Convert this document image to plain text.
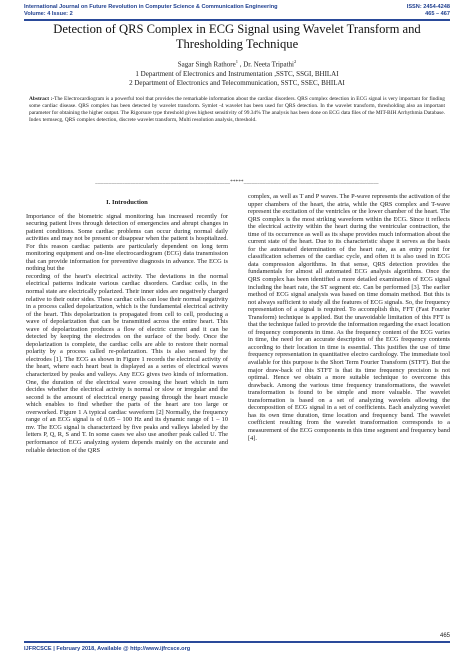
International Journal on Future Revolution in Computer Science & Communication Engineering	ISSN: 2454-4248
Volume: 4 Issue: 2	465 – 467
Detection of QRS Complex in ECG Signal using Wavelet Transform and Thresholding Technique
Sagar Singh Rathore$^1$ , Dr. Neeta Tripathi$^2$
1 Department of Electronics and Instrumentation ,SSTC, SSGI, BHILAI
2 Department of Electronics and Telecommunication, SSTC, SSEC, BHILAI
Abstract :-The Electrocardiogram is a powerful tool that provides the remarkable information about the cardiac disorders. QRS complex detection in ECG signal is very important for finding some cardiac disease. QRS complex has been detected by wavelet transform. Symlet -4 wavelet has been used for QRS detection. In the wavelet transform, thresholding also an important parameter for obtaining the higher output. The Rigorsure type threshold gives highest sensitivity of 99.34% The analysis has been done on ECG data files of the MIT-BIH Arrhythmia Database. Index termsecg, QRS complex detection, discrete wavelet transform, Multi resolution analysis, threshold.
__________________________________________________*****__________________________________________________
I. Introduction

Importance of the biometric signal monitoring has increased recently for securing patient lives through detection of emergencies and abrupt changes in patient conditions. Some cardiac problems can occur during normal daily activities and may not be present or disappear when the patient is hospitalized. For this reason cardiac patients are particularly dependent on long term monitoring equipment and on-line electrocardiogram (ECG) data transmission that can provide information for preventive diagnosis in advance. The ECG is nothing but the

recording of the heart's electrical activity. The deviations in the normal electrical patterns indicate various cardiac disorders. Cardiac cells, in the normal state are electrically polarized. Their inner sides are negatively charged relative to their outer sides. These cardiac cells can lose their normal negativity in a process called depolarization, which is the fundamental electrical activity of the heart. This depolarization is propagated from cell to cell, producing a wave of depolarization that can be transmitted across the entire heart. This wave of depolarization produces a flow of electric current and it can be detected by keeping the electrodes on the surface of the body. Once the depolarization is complete, the cardiac cells are able to restore their normal polarity by a process called re-polarization. This is also sensed by the electrodes [1]. The ECG as shown in Figure 1 records the electrical activity of the heart, where each heart beat is displayed as a series of electrical waves characterized by peaks and valleys. Any ECG gives two kinds of information. One, the duration of the electrical wave crossing the heart which in turn decides whether the electrical activity is normal or slow or irregular and the second is the amount of electrical energy passing through the heart muscle which enables to find whether the parts of the heart are too large or overworked. Figure 1 A typical cardiac waveform [2] Normally, the frequency range of an ECG signal is of 0.05 – 100 Hz and its dynamic range of 1 – 10 mv. The ECG signal is characterized by five peaks and valleys labeled by the letters P, Q, R, S and T. In some cases we also use another peak called U. The performance of ECG analyzing system depends mainly on the accurate and reliable detection of the QRS

complex, as well as T and P waves. The P-wave represents the activation of the upper chambers of the heart, the atria, while the QRS complex and T-wave represent the excitation of the ventricles or the lower chamber of the heart. The QRS complex is the most striking waveform within the ECG. Since it reflects the electrical activity within the heart during the ventricular contraction, the time of its occurrence as well as its shape provides much information about the current state of the heart. Due to its characteristic shape it serves as the basis for the automated determination of the heart rate, as an entry point for classification schemes of the cardiac cycle, and often it is also used in ECG data compression algorithms. In that sense, QRS detection provides the fundamentals for almost all automated ECG analysis algorithms. Once the QRS complex has been identified a more detailed examination of ECG signal including the heart rate, the ST segment etc. Can be performed [3]. The earlier method of ECG signal analysis was based on time domain method. But this is not always sufficient to study all the features of ECG signals. So, the frequency representation of a signal is required. To accomplish this, FFT (Fast Fourier Transform) technique is applied. But the unavoidable limitation of this FFT is that the technique failed to provide the information regarding the exact location of frequency components in time. As the frequency content of the ECG varies in time, the need for an accurate description of the ECG frequency contents according to their location in time is essential. This justifies the use of time frequency representation in quantitative electro cardiology. The immediate tool available for this purpose is the Short Term Fourier Transform (STFT). But the major draw-back of this STFT is that its time frequency precision is not optimal. Hence we obtain a more suitable technique to overcome this drawback. Among the various time frequency transformations, the wavelet transformation is found to be simple and more valuable. The wavelet transformation is based on a set of analyzing wavelets allowing the decomposition of ECG signal in a set of coefficients. Each analyzing wavelet has its own time duration, time location and frequency band. The wavelet coefficient resulting from the wavelet transformation corresponds to a measurement of the ECG components in this time segment and frequency band [4].

465
IJFRCSCE | February 2018, Available @ http://www.ijfrcsce.org
